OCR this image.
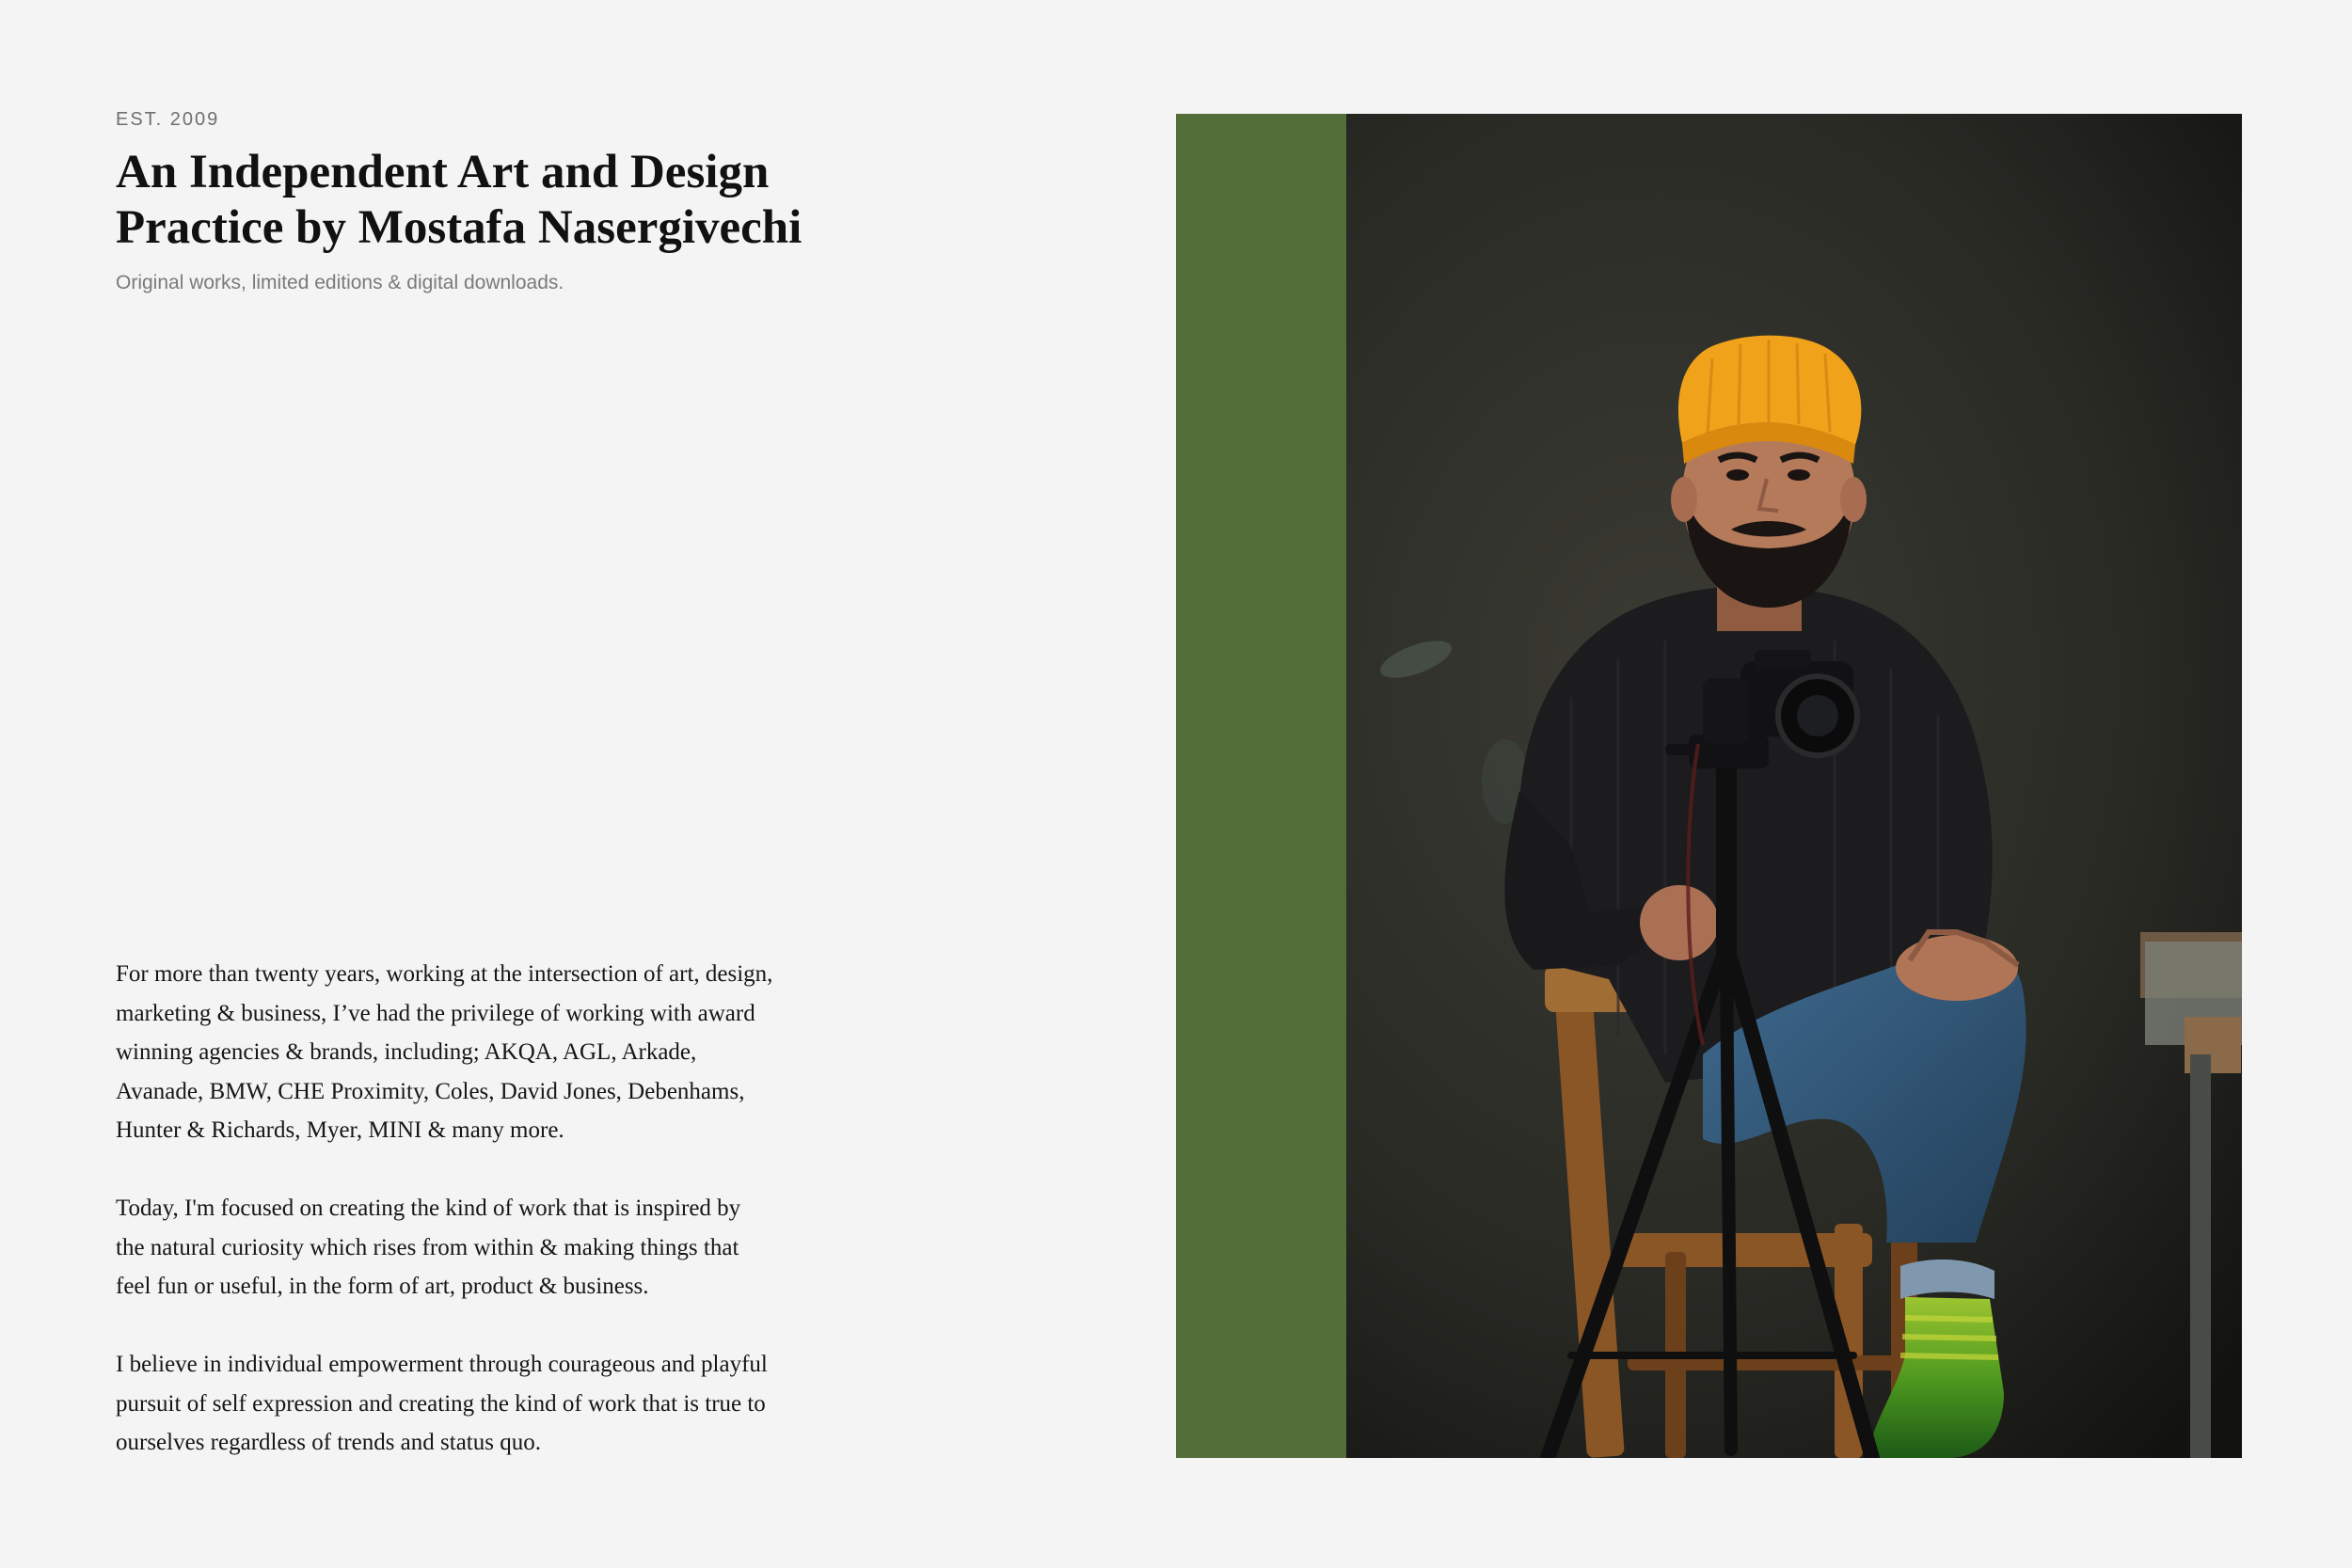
EST. 2009

An Independent Art and Design
Practice by Mostafa Nasergivechi

Original works, limited editions & digital downloads.

For more than twenty years, working at the intersection of art, design, marketing & business, I’ve had the privilege of working with award winning agencies & brands, including; AKQA, AGL, Arkade, Avanade, BMW, CHE Proximity, Coles, David Jones, Debenhams, Hunter & Richards, Myer, MINI & many more.

Today, I'm focused on creating the kind of work that is inspired by the natural curiosity which rises from within & making things that feel fun or useful, in the form of art, product & business.

I believe in individual empowerment through courageous and playful pursuit of self expression and creating the kind of work that is true to ourselves regardless of trends and status quo.
